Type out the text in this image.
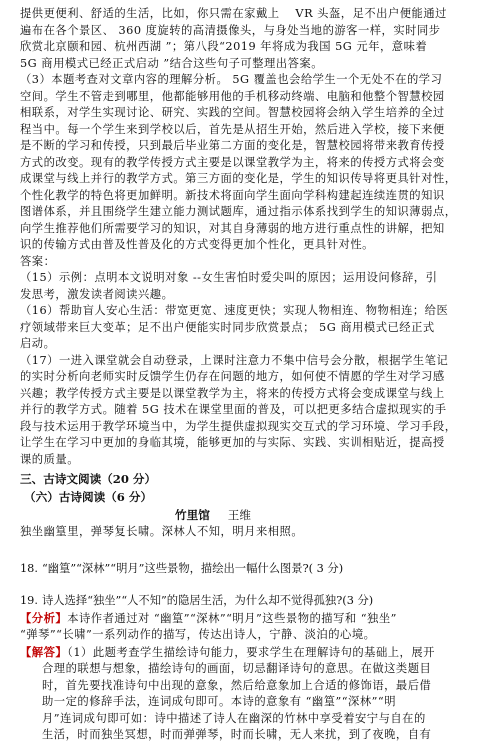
提供更便利、舒适的生活，比如，你只需在家戴上　 VR 头盔，足不出户便能通过
遍布在各个景区、 360 度旋转的高清摄像头，与身处当地的游客一样，实时同步
欣赏北京颐和园、杭州西湖 ”；第八段“2019 年将成为我国 5G 元年，意味着
5G 商用模式已经正式启动 ”结合这些句子可整理出答案。
（3）本题考查对文章内容的理解分析。 5G 覆盖也会给学生一个无处不在的学习
空间。学生不管走到哪里，他都能够用他的手机移动终端、电脑和他整个智慧校园
相联系，对学生实现讨论、研究、实践的空间。智慧校园将会纳入学生培养的全过
程当中。每一个学生来到学校以后，首先是从招生开始，然后进入学校，接下来便
是不断的学习和传授，只到最后毕业第二方面的变化是，智慧校园将带来教育传授
方式的改变。现有的教学传授方式主要是以课堂教学为主，将来的传授方式将会变
成课堂与线上并行的教学方式。第三方面的变化是，学生的知识传导将更具针对性，
个性化教学的特色将更加鲜明。新技术将面向学生面向学科构建起连续连贯的知识
图谱体系，并且围绕学生建立能力测试题库，通过指示体系找到学生的知识薄弱点，
向学生推荐他们所需要学习的知识，对其自身薄弱的地方进行重点性的讲解，把知
识的传输方式由普及性普及化的方式变得更加个性化，更具针对性。
答案：
（15）示例：点明本文说明对象 --女生害怕时爱尖叫的原因；运用设问修辞，引
发思考，激发读者阅读兴趣。
（16）帮助盲人安心生活：带宽更宽、速度更快；实现人物相连、物物相连；给医
疗领域带来巨大变革；足不出户便能实时同步欣赏景点； 5G 商用模式已经正式
启动。
（17）一进入课堂就会自动登录，上课时注意力不集中信号会分散，根据学生笔记
的实时分析向老师实时反馈学生仍存在问题的地方，如何使不情愿的学生对学习感
兴趣；教学传授方式主要是以课堂教学为主，将来的传授方式将会变成课堂与线上
并行的教学方式。随着 5G 技术在课堂里面的普及，可以把更多结合虚拟现实的手
段与技术运用于教学环境当中，为学生提供虚拟现实交互式的学习环境、学习手段，
让学生在学习中更加的身临其境，能够更加的与实际、实践、实训相贴近，提高授
课的质量。
三、古诗文阅读（20 分）
（六）古诗阅读（6 分）
竹里馆 王维
独坐幽篁里，弹琴复长啸。深林人不知，明月来相照。
18. “幽篁”“深林”“明月”这些景物，描绘出一幅什么图景?( 3 分)
19. 诗人选择“独坐”“人不知”的隐居生活，为什么却不觉得孤独?(3 分)
【分析】本诗作者通过对 “幽篁”“深林”“明月”这些景物的描写和 “独坐”
“弹琴”“长啸”一系列动作的描写，传达出诗人，宁静、淡泊的心境。
【解答】（1）此题考查学生描绘诗句能力，要求学生在理解诗句的基础上，展开
合理的联想与想象，描绘诗句的画面，切忌翻译诗句的意思。在做这类题目
时，首先要找准诗句中出现的意象，然后给意象加上合适的修饰语，最后借
助一定的修辞手法，连词成句即可。本诗的意象有 “幽篁”“深林”“明
月”连词成句即可如：诗中描述了诗人在幽深的竹林中享受着安宁与自在的
生活，时而独坐冥想，时而弹弹琴，时而长啸，无人来扰，到了夜晚，自有
